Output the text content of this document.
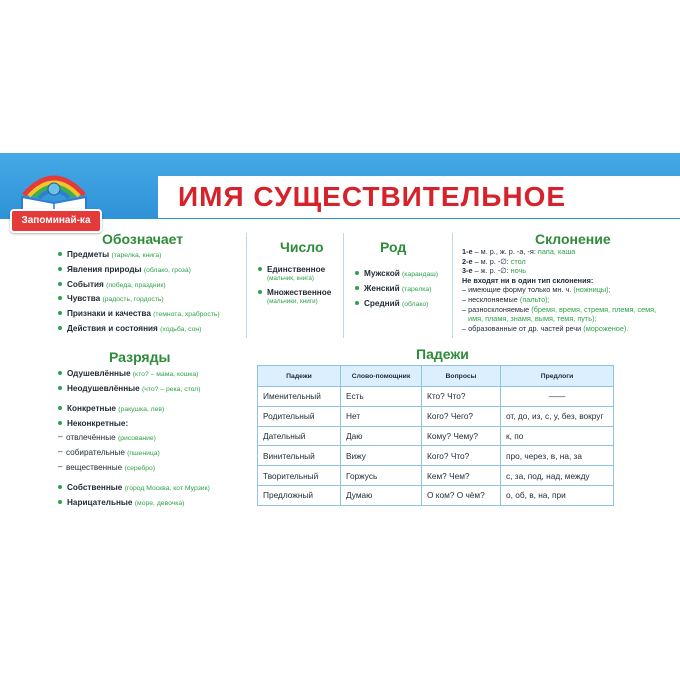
ИМЯ СУЩЕСТВИТЕЛЬНОЕ
Запоминай-ка
Обозначает
Предметы (тарелка, книга)
Явления природы (облако, гроза)
События (победа, праздник)
Чувства (радость, гордость)
Признаки и качества (темнота, храбрость)
Действия и состояния (ходьба, сон)
Число
Единственное
(мальчик, книга)
Множественное
(мальчики, книги)
Род
Мужской (карандаш)
Женский (тарелка)
Средний (облако)
Склонение
1-е – м. р., ж. р. -а, -я: папа, каша
2-е – м. р. -∅: стол
3-е – ж. р. -∅: ночь
Не входят ни в один тип склонения:
– имеющие форму только мн. ч. (ножницы);
– несклоняемые (пальто);
– разносклоняемые (бремя, время, стремя, племя, семя,
имя, пламя, знамя, вымя, темя, путь);
– образованные от др. частей речи (мороженое).
Разряды
Одушевлённые (кто? – мама, кошка)
Неодушевлённые (что? – река, стол)
Конкретные (ракушка, лев)
Неконкретные:
– отвлечённые (рисование)
– собирательные (пшеница)
– вещественные (серебро)
Собственные (город Москва, кот Мурзик)
Нарицательные (море, девочка)
Падежи
Падежи	Слово-помощник	Вопросы	Предлоги
Именительный	Есть	Кто? Что?	——
Родительный	Нет	Кого? Чего?	от, до, из, с, у, без, вокруг
Дательный	Даю	Кому? Чему?	к, по
Винительный	Вижу	Кого? Что?	про, через, в, на, за
Творительный	Горжусь	Кем? Чем?	с, за, под, над, между
Предложный	Думаю	О ком? О чём?	о, об, в, на, при
